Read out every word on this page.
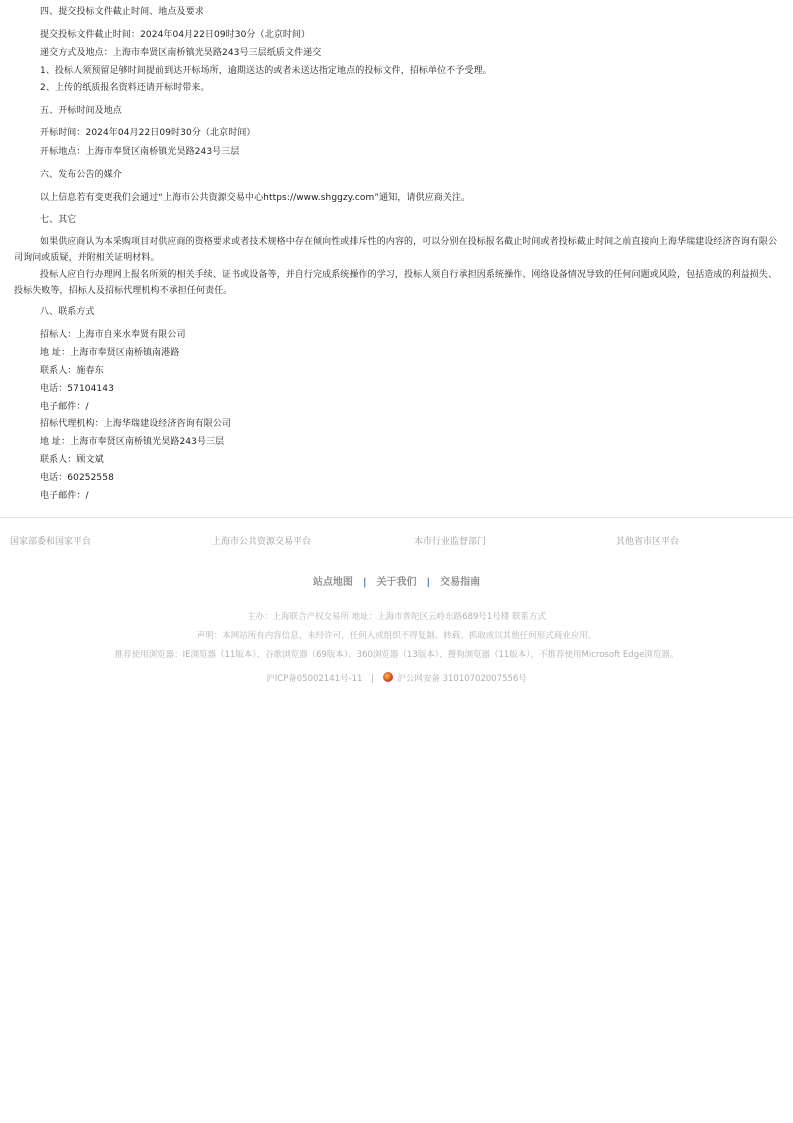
四、提交投标文件截止时间、地点及要求
提交投标文件截止时间：2024年04月22日09时30分（北京时间）
递交方式及地点：上海市奉贤区南桥镇光昊路243号三层纸质文件递交
1、投标人须预留足够时间提前到达开标场所，逾期送达的或者未送达指定地点的投标文件，招标单位不予受理。
2、上传的纸质报名资料还请开标时带来。
五、开标时间及地点
开标时间：2024年04月22日09时30分（北京时间）
开标地点：上海市奉贤区南桥镇光昊路243号三层
六、发布公告的媒介
以上信息若有变更我们会通过“上海市公共资源交易中心https://www.shggzy.com”通知，请供应商关注。
七、其它
如果供应商认为本采购项目对供应商的资格要求或者技术规格中存在倾向性或排斥性的内容的，可以分别在投标报名截止时间或者投标截止时间之前直接向上海华瑞建设经济咨询有限公司询问或质疑，并附相关证明材料。
投标人应自行办理网上报名所须的相关手续、证书或设备等，并自行完成系统操作的学习，投标人须自行承担因系统操作、网络设备情况导致的任何问题或风险，包括造成的利益损失、投标失败等，招标人及招标代理机构不承担任何责任。
八、联系方式
招标人：上海市自来水奉贤有限公司
地 址：上海市奉贤区南桥镇南港路
联系人：施春东
电话：57104143
电子邮件：/
招标代理机构：上海华瑞建设经济咨询有限公司
地 址：上海市奉贤区南桥镇光昊路243号三层
联系人：顾文斌
电话：60252558
电子邮件：/
国家部委和国家平台	上海市公共资源交易平台	本市行业监督部门	其他省市区平台
站点地图 | 关于我们 | 交易指南
主办：上海联合产权交易所 地址：上海市普陀区云岭东路689号1号楼 联系方式
声明：本网站所有内容信息，未经许可，任何人或组织不得复制、转载、抓取或以其他任何形式商业应用。
推荐使用浏览器：IE浏览器（11版本）、谷歌浏览器（69版本）、360浏览器（13版本）、搜狗浏览器（11版本），不推荐使用Microsoft Edge浏览器。
沪ICP备05002141号-11 |	沪公网安备 31010702007556号
